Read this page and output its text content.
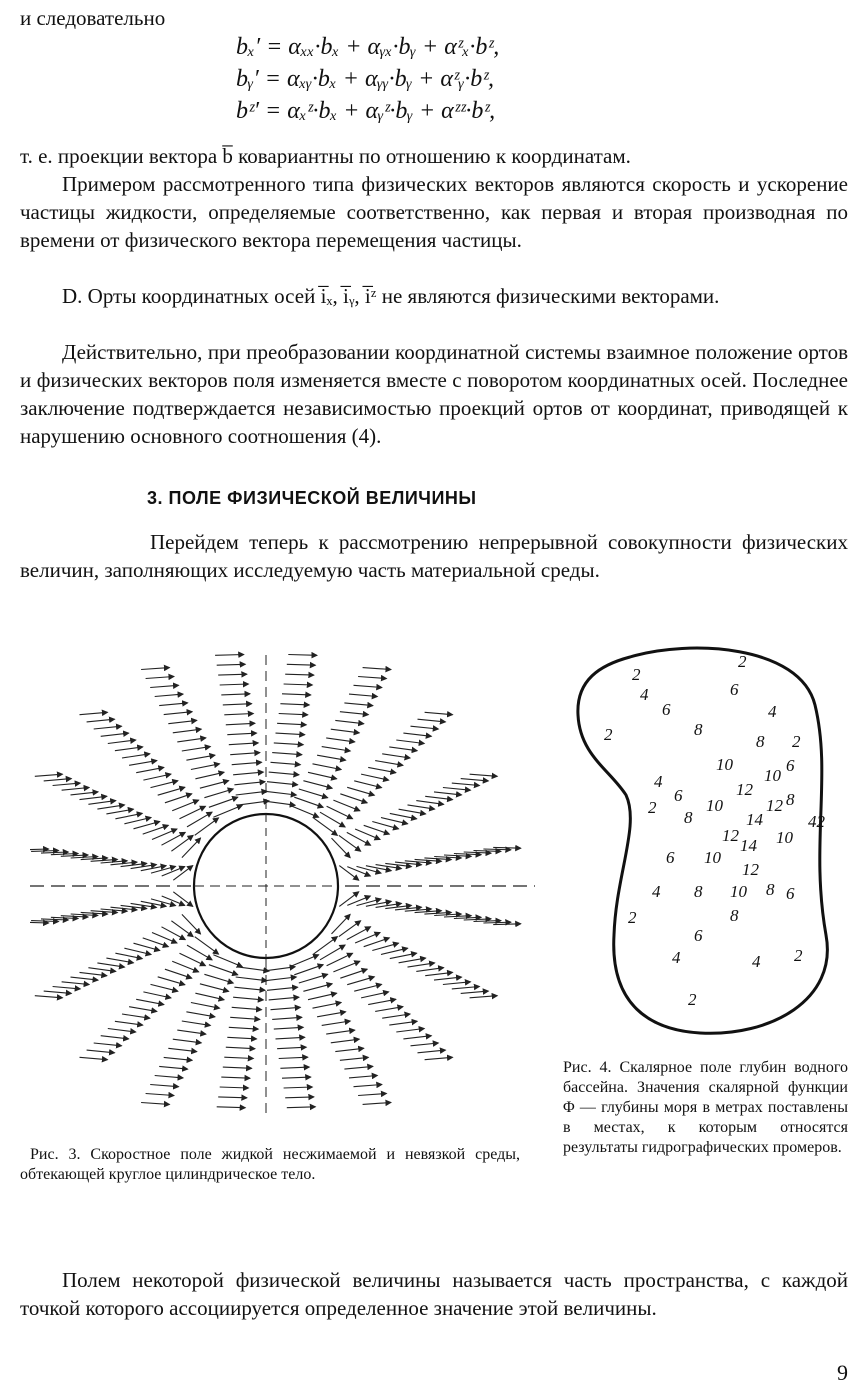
и следовательно

bₓ′ = αₓₓ·bₓ + αᵧₓ·bᵧ + αᶻₓ·bᶻ,
bᵧ′ = αₓᵧ·bₓ + αᵧᵧ·bᵧ + αᶻᵧ·bᶻ,
bᶻ′ = αₓᶻ·bₓ + αᵧᶻ·bᵧ + αᶻᶻ·bᶻ,

т. е. проекции вектора b̅ ковариантны по отношению к координатам.

Примером рассмотренного типа физических векторов являются скорость и ускорение частицы жидкости, определяемые соответственно, как первая и вторая производная по времени от физического вектора перемещения частицы.

D. Орты координатных осей i̅ₓ, i̅ᵧ, i̅ᶻ не являются физическими векторами.

Действительно, при преобразовании координатной системы взаимное положение ортов и физических векторов поля изменяется вместе с поворотом координатных осей. Последнее заключение подтверждается независимостью проекций ортов от координат, приводящей к нарушению основного соотношения (4).

3. ПОЛЕ ФИЗИЧЕСКОЙ ВЕЛИЧИНЫ

Перейдем теперь к рассмотрению непрерывной совокупности физических величин, заполняющих исследуемую часть материальной среды.

Рис. 3. Скоростное поле жидкой несжимаемой и невязкой среды, обтекающей круглое цилиндрическое тело.

2
2
4
6
6
4
2	8
8 2
10
12
10
6
4
6
2
8
10
14
12 8
42
12 10
6 10
14
12
4 8 10 8 6
2	8
6
4	4 2
2

Рис. 4. Скалярное поле глубин водного бассейна. Значения скалярной функции Φ — глубины моря в метрах поставлены в местах, к которым относятся результаты гидрографических промеров.

Полем некоторой физической величины называется часть пространства, с каждой точкой которого ассоциируется определенное значение этой величины.

9
